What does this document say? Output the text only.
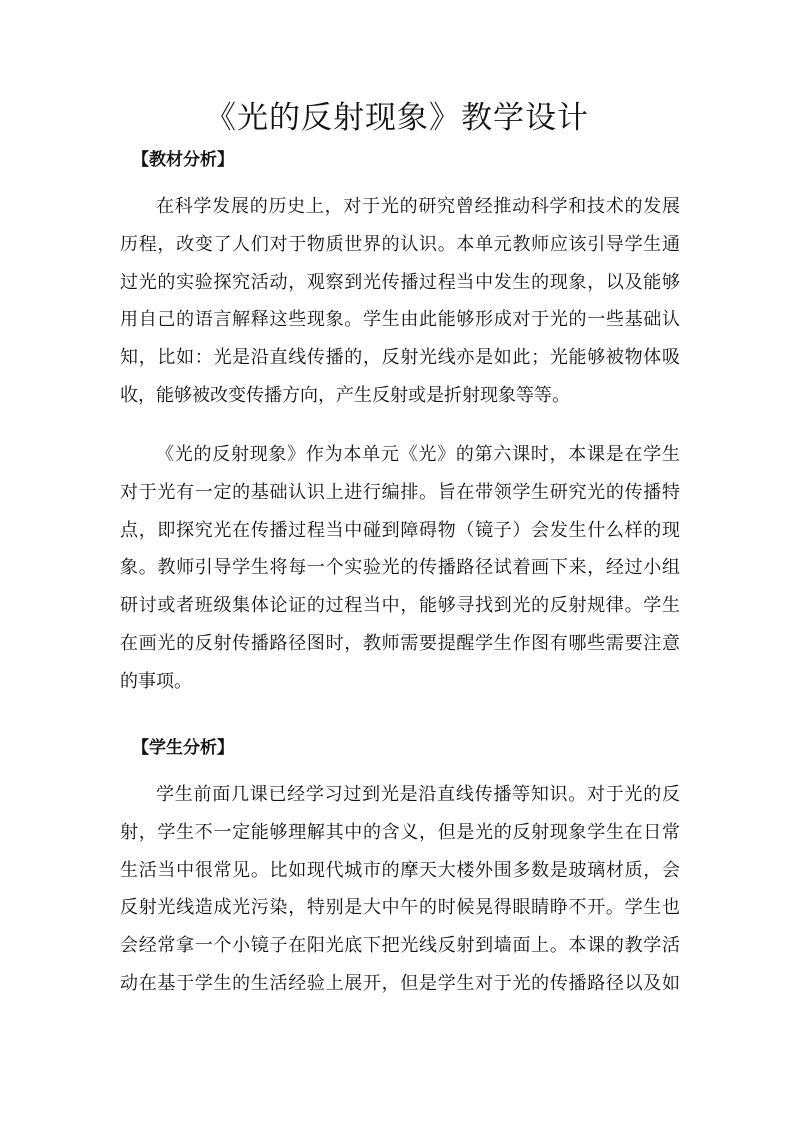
《光的反射现象》教学设计
【教材分析】
在科学发展的历史上，对于光的研究曾经推动科学和技术的发展
历程，改变了人们对于物质世界的认识。本单元教师应该引导学生通
过光的实验探究活动，观察到光传播过程当中发生的现象，以及能够
用自己的语言解释这些现象。学生由此能够形成对于光的一些基础认
知，比如：光是沿直线传播的，反射光线亦是如此；光能够被物体吸
收，能够被改变传播方向，产生反射或是折射现象等等。
《光的反射现象》作为本单元《光》的第六课时，本课是在学生
对于光有一定的基础认识上进行编排。旨在带领学生研究光的传播特
点，即探究光在传播过程当中碰到障碍物（镜子）会发生什么样的现
象。教师引导学生将每一个实验光的传播路径试着画下来，经过小组
研讨或者班级集体论证的过程当中，能够寻找到光的反射规律。学生
在画光的反射传播路径图时，教师需要提醒学生作图有哪些需要注意
的事项。
【学生分析】
学生前面几课已经学习过到光是沿直线传播等知识。对于光的反
射，学生不一定能够理解其中的含义，但是光的反射现象学生在日常
生活当中很常见。比如现代城市的摩天大楼外围多数是玻璃材质，会
反射光线造成光污染，特别是大中午的时候晃得眼睛睁不开。学生也
会经常拿一个小镜子在阳光底下把光线反射到墙面上。本课的教学活
动在基于学生的生活经验上展开，但是学生对于光的传播路径以及如
